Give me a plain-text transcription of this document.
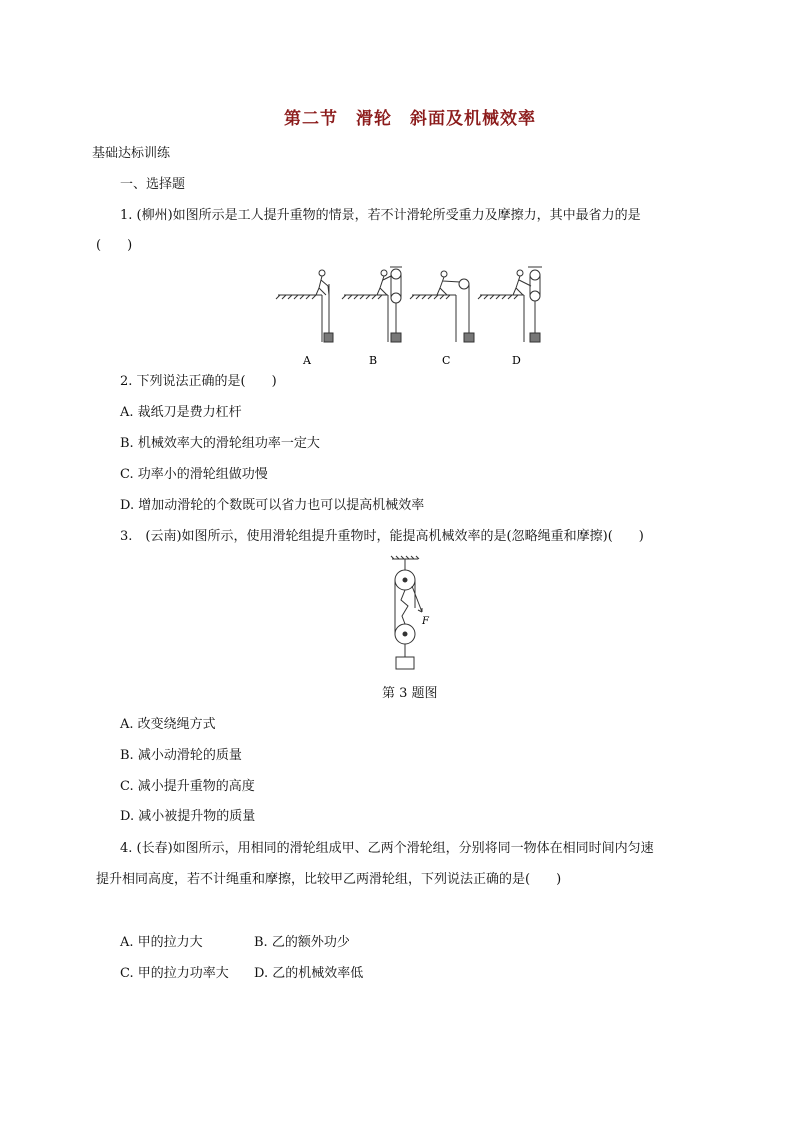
第二节　滑轮　斜面及机械效率
基础达标训练
一、选择题
1. (柳州)如图所示是工人提升重物的情景，若不计滑轮所受重力及摩擦力，其中最省力的是
(　　)
A	B	C	D
2. 下列说法正确的是(　　)
A. 裁纸刀是费力杠杆
B. 机械效率大的滑轮组功率一定大
C. 功率小的滑轮组做功慢
D. 增加动滑轮的个数既可以省力也可以提高机械效率
3.　(云南)如图所示，使用滑轮组提升重物时，能提高机械效率的是(忽略绳重和摩擦)(　　)
F
第 3 题图
A. 改变绕绳方式
B. 减小动滑轮的质量
C. 减小提升重物的高度
D. 减小被提升物的质量
4. (长春)如图所示，用相同的滑轮组成甲、乙两个滑轮组，分别将同一物体在相同时间内匀速
提升相同高度，若不计绳重和摩擦，比较甲乙两滑轮组，下列说法正确的是(　　)
A. 甲的拉力大	B. 乙的额外功少
C. 甲的拉力功率大 D. 乙的机械效率低
